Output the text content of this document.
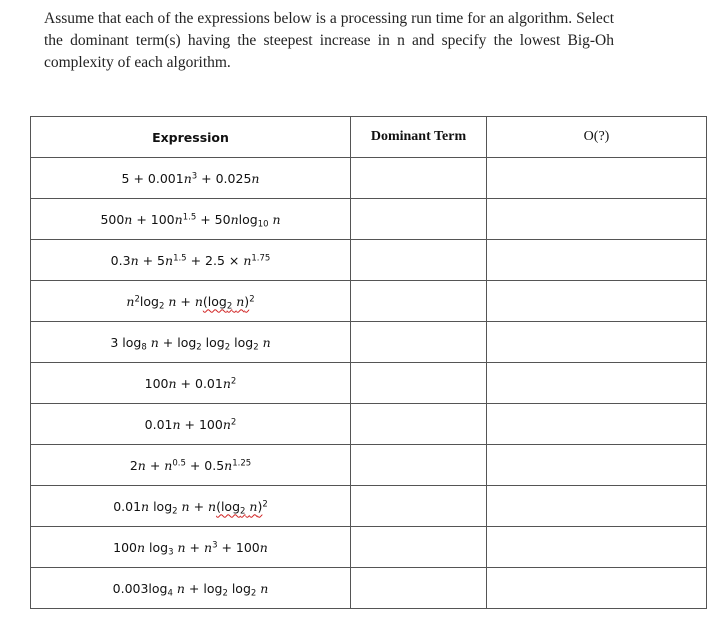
Assume that each of the expressions below is a processing run time for an algorithm. Select the dominant term(s) having the steepest increase in n and specify the lowest Big-Oh complexity of each algorithm.
Expression	Dominant Term	O(?)
$5 + 0.001n^3 + 0.025n$		
$500n + 100n^{1.5} + 50nlog_{10}$ n		
$0.3n + 5n^{1.5} + 2.5 \times n^{1.75}$		
$n^2\log_2$ $n + n(\log_2$ n)$^2$		
3 $\log_8 n + \log_2 \log_2 \log_2 n$		
$100n + 0.01n^2$		
$0.01n + 100n^2$		
$2n + n^{0.5} + 0.5n^{1.25}$		
0.01n $\log_2 n + n(\log_2$ n)$^2$		
100n $\log_3 n + n^3 + 100n$		
$0.003\log_4$ $n + \log_2 \log_2 n$		
